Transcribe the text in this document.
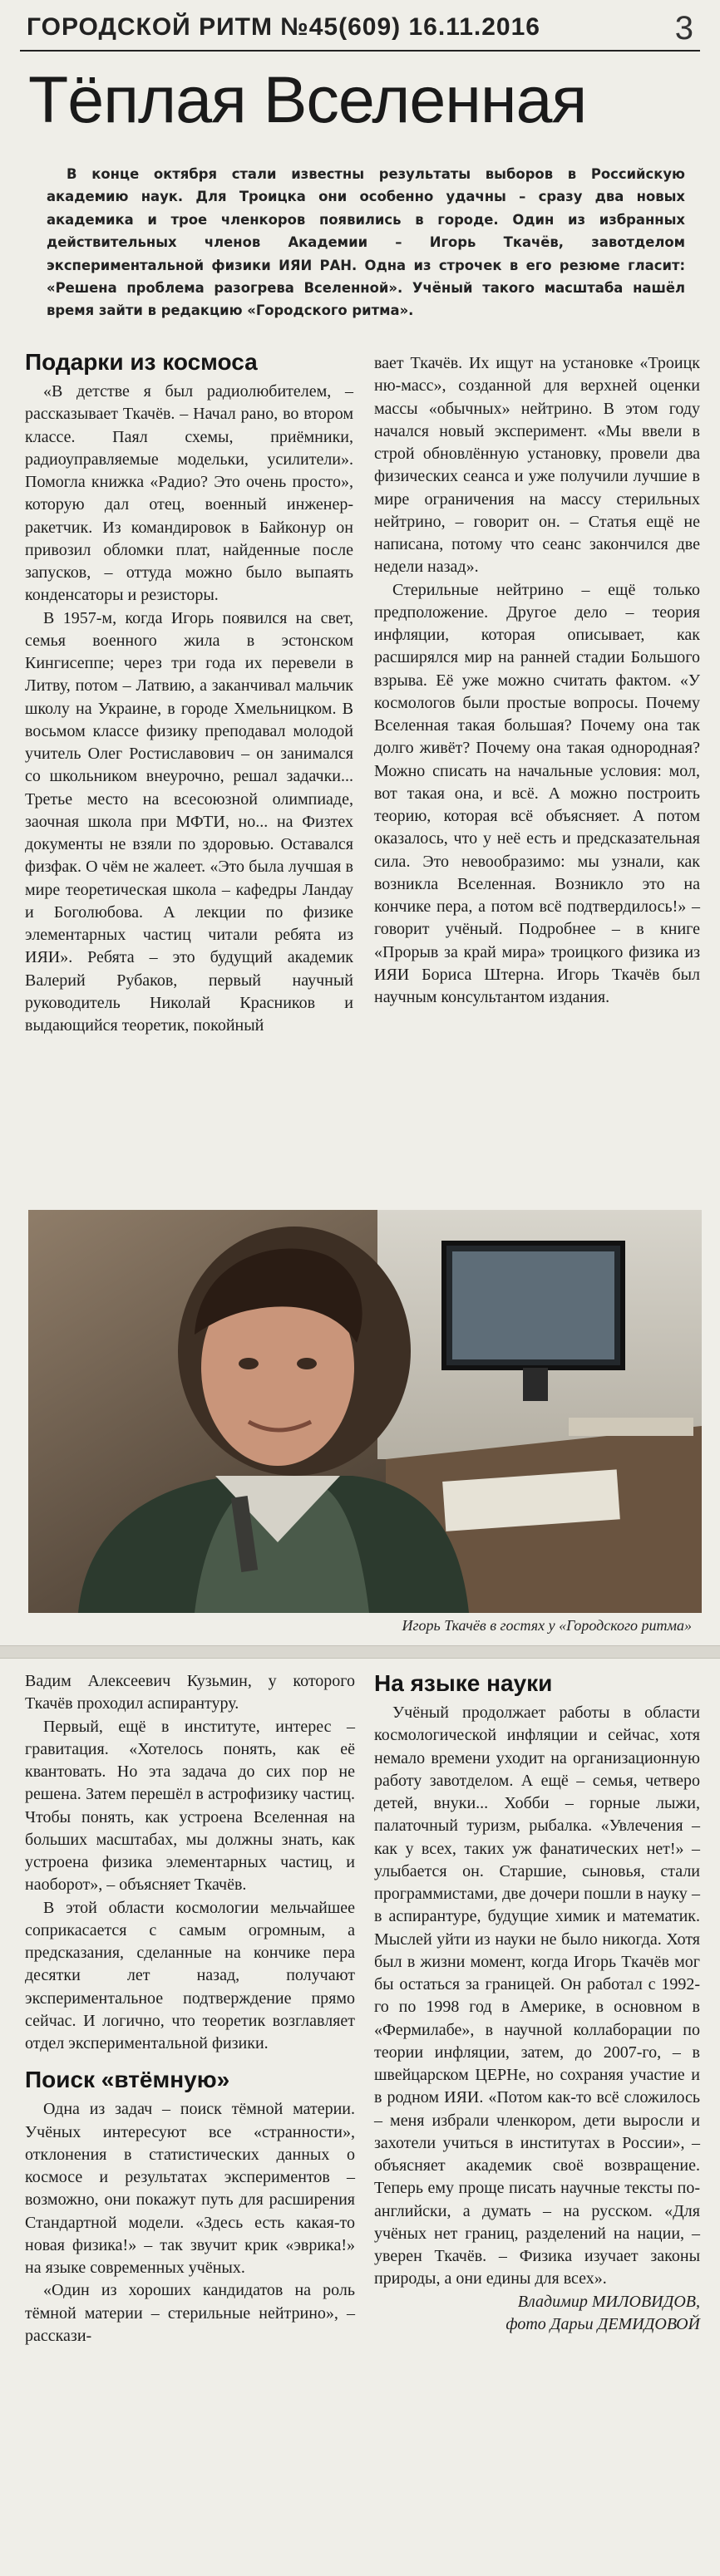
ГОРОДСКОЙ РИТМ №45(609) 16.11.2016	3
Тёплая Вселенная

В конце октября стали известны результаты выборов в Российскую академию наук. Для Троицка они особенно удачны – сразу два новых академика и трое членкоров появились в городе. Один из избранных действительных членов Академии – Игорь Ткачёв, завотделом экспериментальной физики ИЯИ РАН. Одна из строчек в его резюме гласит: «Решена проблема разогрева Вселенной». Учёный такого масштаба нашёл время зайти в редакцию «Городского ритма».

Подарки из космоса

«В детстве я был радиолюбителем, – рассказывает Ткачёв. – Начал рано, во втором классе. Паял схемы, приёмники, радиоуправляемые модельки, усилители». Помогла книжка «Радио? Это очень просто», которую дал отец, военный инженер-ракетчик. Из командировок в Байконур он привозил обломки плат, найденные после запусков, – оттуда можно было выпаять конденсаторы и резисторы.

В 1957-м, когда Игорь появился на свет, семья военного жила в эстонском Кингисеппе; через три года их перевели в Литву, потом – Латвию, а заканчивал мальчик школу на Украине, в городе Хмельницком. В восьмом классе физику преподавал молодой учитель Олег Ростиславович – он занимался со школьником внеурочно, решал задачки... Третье место на всесоюзной олимпиаде, заочная школа при МФТИ, но... на Физтех документы не взяли по здоровью. Оставался физфак. О чём не жалеет. «Это была лучшая в мире теоретическая школа – кафедры Ландау и Боголюбова. А лекции по физике элементарных частиц читали ребята из ИЯИ». Ребята – это будущий академик Валерий Рубаков, первый научный руководитель Николай Красников и выдающийся теоретик, покойный

вает Ткачёв. Их ищут на установке «Троицк ню-масс», созданной для верхней оценки массы «обычных» нейтрино. В этом году начался новый эксперимент. «Мы ввели в строй обновлённую установку, провели два физических сеанса и уже получили лучшие в мире ограничения на массу стерильных нейтрино, – говорит он. – Статья ещё не написана, потому что сеанс закончился две недели назад».

Стерильные нейтрино – ещё только предположение. Другое дело – теория инфляции, которая описывает, как расширялся мир на ранней стадии Большого взрыва. Её уже можно считать фактом. «У космологов были простые вопросы. Почему Вселенная такая большая? Почему она так долго живёт? Почему она такая однородная? Можно списать на начальные условия: мол, вот такая она, и всё. А можно построить теорию, которая всё объясняет. А потом оказалось, что у неё есть и предсказательная сила. Это невообразимо: мы узнали, как возникла Вселенная. Возникло это на кончике пера, а потом всё подтвердилось!» – говорит учёный. Подробнее – в книге «Прорыв за край мира» троицкого физика из ИЯИ Бориса Штерна. Игорь Ткачёв был научным консультантом издания.

Игорь Ткачёв в гостях у «Городского ритма»

Вадим Алексеевич Кузьмин, у которого Ткачёв проходил аспирантуру.

Первый, ещё в институте, интерес – гравитация. «Хотелось понять, как её квантовать. Но эта задача до сих пор не решена. Затем перешёл в астрофизику частиц. Чтобы понять, как устроена Вселенная на больших масштабах, мы должны знать, как устроена физика элементарных частиц, и наоборот», – объясняет Ткачёв.

В этой области космологии мельчайшее соприкасается с самым огромным, а предсказания, сделанные на кончике пера десятки лет назад, получают экспериментальное подтверждение прямо сейчас. И логично, что теоретик возглавляет отдел экспериментальной физики.

Поиск «втёмную»

Одна из задач – поиск тёмной материи. Учёных интересуют все «странности», отклонения в статистических данных о космосе и результатах экспериментов – возможно, они покажут путь для расширения Стандартной модели. «Здесь есть какая-то новая физика!» – так звучит крик «эврика!» на языке современных учёных.

«Один из хороших кандидатов на роль тёмной материи – стерильные нейтрино», – расскази-

На языке науки

Учёный продолжает работы в области космологической инфляции и сейчас, хотя немало времени уходит на организационную работу завотделом. А ещё – семья, четверо детей, внуки... Хобби – горные лыжи, палаточный туризм, рыбалка. «Увлечения – как у всех, таких уж фанатических нет!» – улыбается он. Старшие, сыновья, стали программистами, две дочери пошли в науку – в аспирантуре, будущие химик и математик. Мыслей уйти из науки не было никогда. Хотя был в жизни момент, когда Игорь Ткачёв мог бы остаться за границей. Он работал с 1992-го по 1998 год в Америке, в основном в «Фермилабе», в научной коллаборации по теории инфляции, затем, до 2007-го, – в швейцарском ЦЕРНе, но сохраняя участие и в родном ИЯИ. «Потом как-то всё сложилось – меня избрали членкором, дети выросли и захотели учиться в институтах в России», – объясняет академик своё возвращение. Теперь ему проще писать научные тексты по-английски, а думать – на русском. «Для учёных нет границ, разделений на нации, – уверен Ткачёв. – Физика изучает законы природы, а они едины для всех».

Владимир МИЛОВИДОВ,

фото Дарьи ДЕМИДОВОЙ
